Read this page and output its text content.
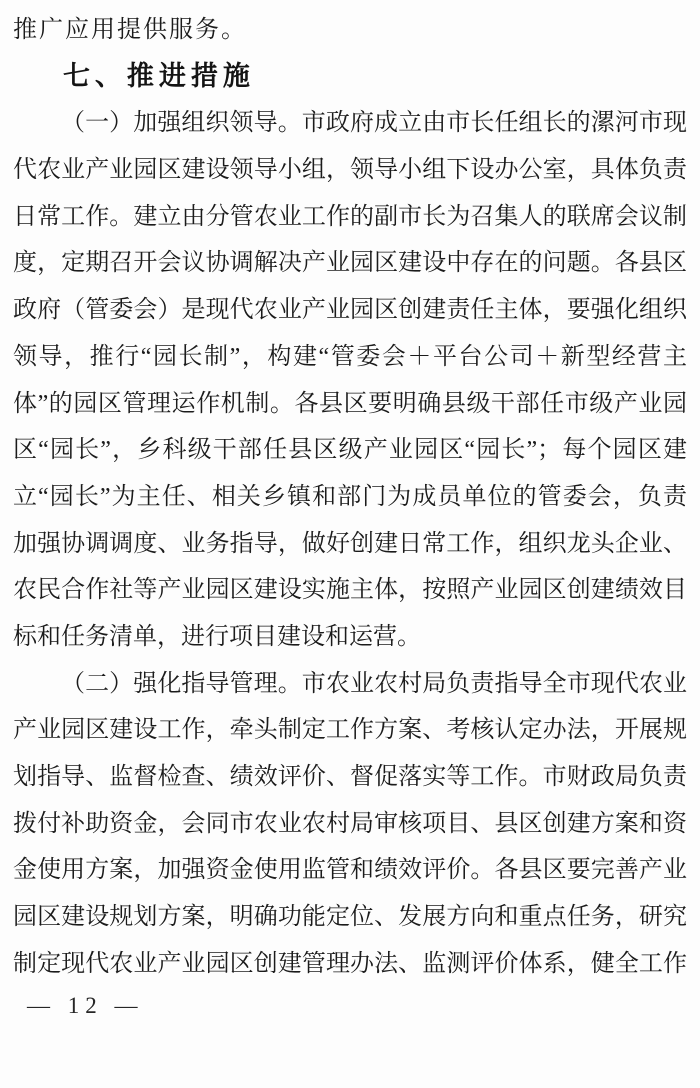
推广应用提供服务。
七、推进措施
（一）加强组织领导。市政府成立由市长任组长的漯河市现
代农业产业园区建设领导小组，领导小组下设办公室，具体负责
日常工作。建立由分管农业工作的副市长为召集人的联席会议制
度，定期召开会议协调解决产业园区建设中存在的问题。各县区
政府（管委会）是现代农业产业园区创建责任主体，要强化组织
领导，推行“园长制”，构建“管委会＋平台公司＋新型经营主
体”的园区管理运作机制。各县区要明确县级干部任市级产业园
区“园长”，乡科级干部任县区级产业园区“园长”；每个园区建
立“园长”为主任、相关乡镇和部门为成员单位的管委会，负责
加强协调调度、业务指导，做好创建日常工作，组织龙头企业、
农民合作社等产业园区建设实施主体，按照产业园区创建绩效目
标和任务清单，进行项目建设和运营。
（二）强化指导管理。市农业农村局负责指导全市现代农业
产业园区建设工作，牵头制定工作方案、考核认定办法，开展规
划指导、监督检查、绩效评价、督促落实等工作。市财政局负责
拨付补助资金，会同市农业农村局审核项目、县区创建方案和资
金使用方案，加强资金使用监管和绩效评价。各县区要完善产业
园区建设规划方案，明确功能定位、发展方向和重点任务，研究
制定现代农业产业园区创建管理办法、监测评价体系，健全工作
— 12 —
